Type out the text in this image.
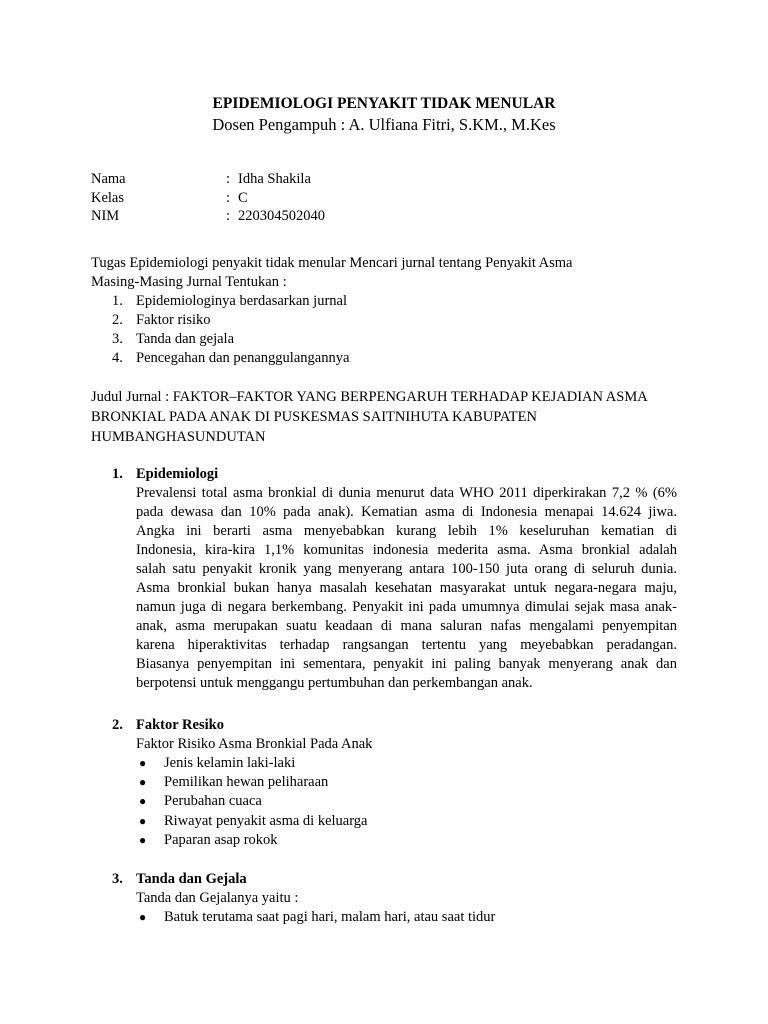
EPIDEMIOLOGI PENYAKIT TIDAK MENULAR
Dosen Pengampuh : A. Ulfiana Fitri, S.KM., M.Kes
Nama	: Idha Shakila
Kelas	: C
NIM	: 220304502040
Tugas Epidemiologi penyakit tidak menular Mencari jurnal tentang Penyakit Asma
Masing-Masing Jurnal Tentukan :
1. Epidemiologinya berdasarkan jurnal
2. Faktor risiko
3. Tanda dan gejala
4. Pencegahan dan penanggulangannya
Judul Jurnal : FAKTOR–FAKTOR YANG BERPENGARUH TERHADAP KEJADIAN ASMA
BRONKIAL PADA ANAK DI PUSKESMAS SAITNIHUTA KABUPATEN
HUMBANGHASUNDUTAN
1. Epidemiologi
Prevalensi total asma bronkial di dunia menurut data WHO 2011 diperkirakan 7,2 % (6%
pada dewasa dan 10% pada anak). Kematian asma di Indonesia menapai 14.624 jiwa.
Angka ini berarti asma menyebabkan kurang lebih 1% keseluruhan kematian di
Indonesia, kira-kira 1,1% komunitas indonesia mederita asma. Asma bronkial adalah
salah satu penyakit kronik yang menyerang antara 100-150 juta orang di seluruh dunia.
Asma bronkial bukan hanya masalah kesehatan masyarakat untuk negara-negara maju,
namun juga di negara berkembang. Penyakit ini pada umumnya dimulai sejak masa anak-
anak, asma merupakan suatu keadaan di mana saluran nafas mengalami penyempitan
karena hiperaktivitas terhadap rangsangan tertentu yang meyebabkan peradangan.
Biasanya penyempitan ini sementara, penyakit ini paling banyak menyerang anak dan
berpotensi untuk menggangu pertumbuhan dan perkembangan anak.
2. Faktor Resiko
Faktor Risiko Asma Bronkial Pada Anak
● Jenis kelamin laki-laki
● Pemilikan hewan peliharaan
● Perubahan cuaca
● Riwayat penyakit asma di keluarga
● Paparan asap rokok
3. Tanda dan Gejala
Tanda dan Gejalanya yaitu :
● Batuk terutama saat pagi hari, malam hari, atau saat tidur
